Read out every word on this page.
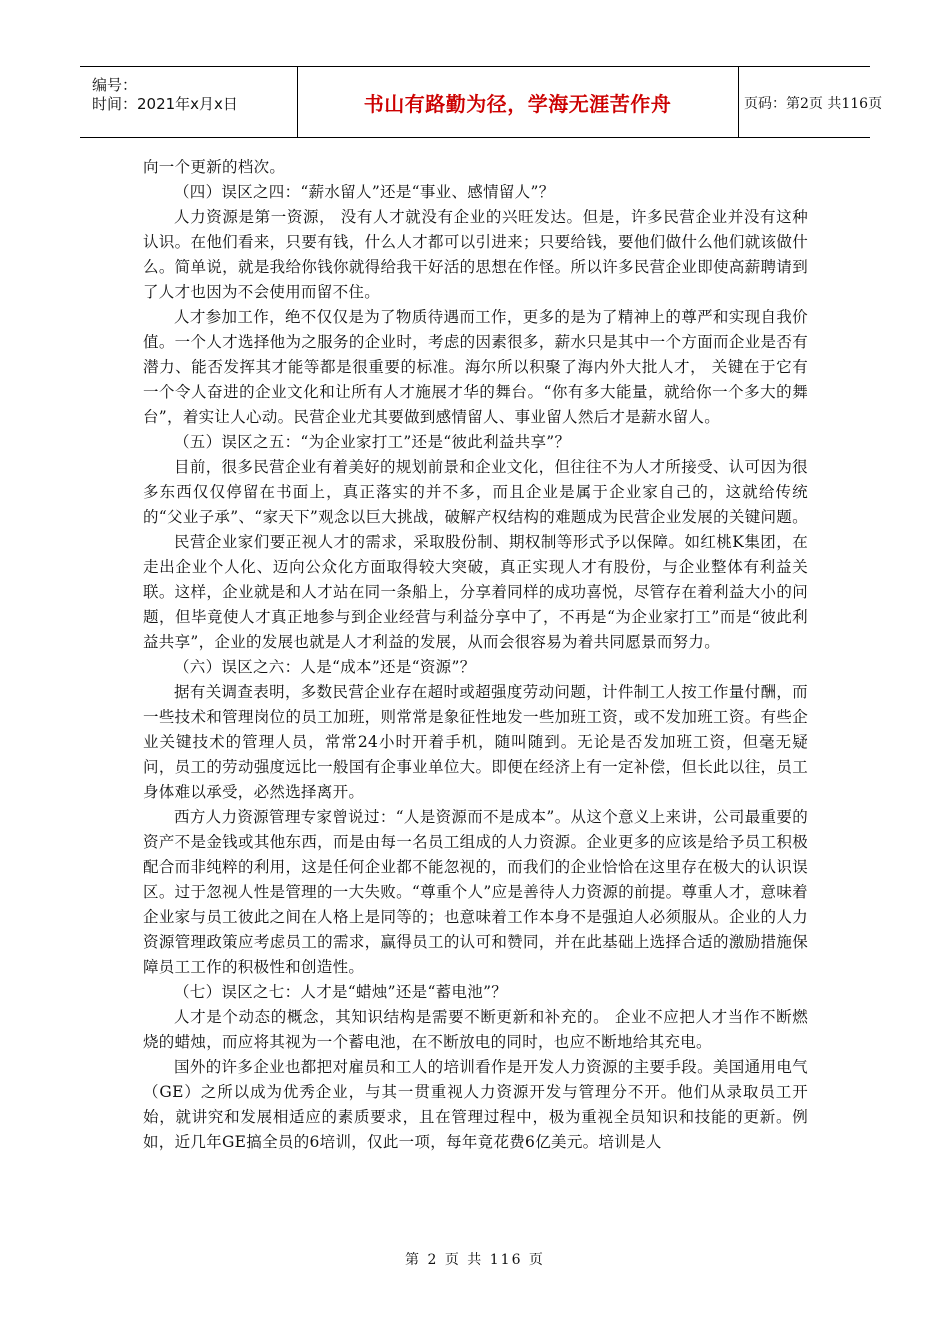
编号：
时间：2021年x月x日	书山有路勤为径，学海无涯苦作舟	页码：第2页 共116页

向一个更新的档次。

（四）误区之四：“薪水留人”还是“事业、感情留人”？

人力资源是第一资源， 没有人才就没有企业的兴旺发达。但是，许多民营企业并没有这种认识。在他们看来，只要有钱，什么人才都可以引进来；只要给钱，要他们做什么他们就该做什么。简单说，就是我给你钱你就得给我干好活的思想在作怪。所以许多民营企业即使高薪聘请到了人才也因为不会使用而留不住。

人才参加工作，绝不仅仅是为了物质待遇而工作，更多的是为了精神上的尊严和实现自我价值。一个人才选择他为之服务的企业时，考虑的因素很多，薪水只是其中一个方面而企业是否有潜力、能否发挥其才能等都是很重要的标准。海尔所以积聚了海内外大批人才， 关键在于它有一个令人奋进的企业文化和让所有人才施展才华的舞台。“你有多大能量，就给你一个多大的舞台”，着实让人心动。民营企业尤其要做到感情留人、事业留人然后才是薪水留人。

（五）误区之五：“为企业家打工”还是“彼此利益共享”？

目前，很多民营企业有着美好的规划前景和企业文化，但往往不为人才所接受、认可因为很多东西仅仅停留在书面上，真正落实的并不多，而且企业是属于企业家自己的，这就给传统的“父业子承”、“家天下”观念以巨大挑战，破解产权结构的难题成为民营企业发展的关键问题。

民营企业家们要正视人才的需求，采取股份制、期权制等形式予以保障。如红桃K集团，在走出企业个人化、迈向公众化方面取得较大突破，真正实现人才有股份，与企业整体有利益关联。这样，企业就是和人才站在同一条船上，分享着同样的成功喜悦，尽管存在着利益大小的问题，但毕竟使人才真正地参与到企业经营与利益分享中了，不再是“为企业家打工”而是“彼此利益共享”，企业的发展也就是人才利益的发展，从而会很容易为着共同愿景而努力。

（六）误区之六：人是“成本”还是“资源”？

据有关调查表明，多数民营企业存在超时或超强度劳动问题，计件制工人按工作量付酬，而一些技术和管理岗位的员工加班，则常常是象征性地发一些加班工资，或不发加班工资。有些企业关键技术的管理人员，常常24小时开着手机，随叫随到。无论是否发加班工资，但毫无疑问，员工的劳动强度远比一般国有企事业单位大。即便在经济上有一定补偿，但长此以往，员工身体难以承受，必然选择离开。

西方人力资源管理专家曾说过：“人是资源而不是成本”。从这个意义上来讲，公司最重要的资产不是金钱或其他东西，而是由每一名员工组成的人力资源。企业更多的应该是给予员工积极配合而非纯粹的利用，这是任何企业都不能忽视的，而我们的企业恰恰在这里存在极大的认识误区。过于忽视人性是管理的一大失败。“尊重个人”应是善待人力资源的前提。尊重人才，意味着企业家与员工彼此之间在人格上是同等的；也意味着工作本身不是强迫人必须服从。企业的人力资源管理政策应考虑员工的需求，赢得员工的认可和赞同，并在此基础上选择合适的激励措施保障员工工作的积极性和创造性。

（七）误区之七：人才是“蜡烛”还是“蓄电池”？

人才是个动态的概念，其知识结构是需要不断更新和补充的。 企业不应把人才当作不断燃烧的蜡烛，而应将其视为一个蓄电池，在不断放电的同时，也应不断地给其充电。

国外的许多企业也都把对雇员和工人的培训看作是开发人力资源的主要手段。美国通用电气（GE）之所以成为优秀企业，与其一贯重视人力资源开发与管理分不开。他们从录取员工开始，就讲究和发展相适应的素质要求，且在管理过程中，极为重视全员知识和技能的更新。例如，近几年GE搞全员的6培训，仅此一项，每年竟花费6亿美元。培训是人

第 2 页 共 116 页
